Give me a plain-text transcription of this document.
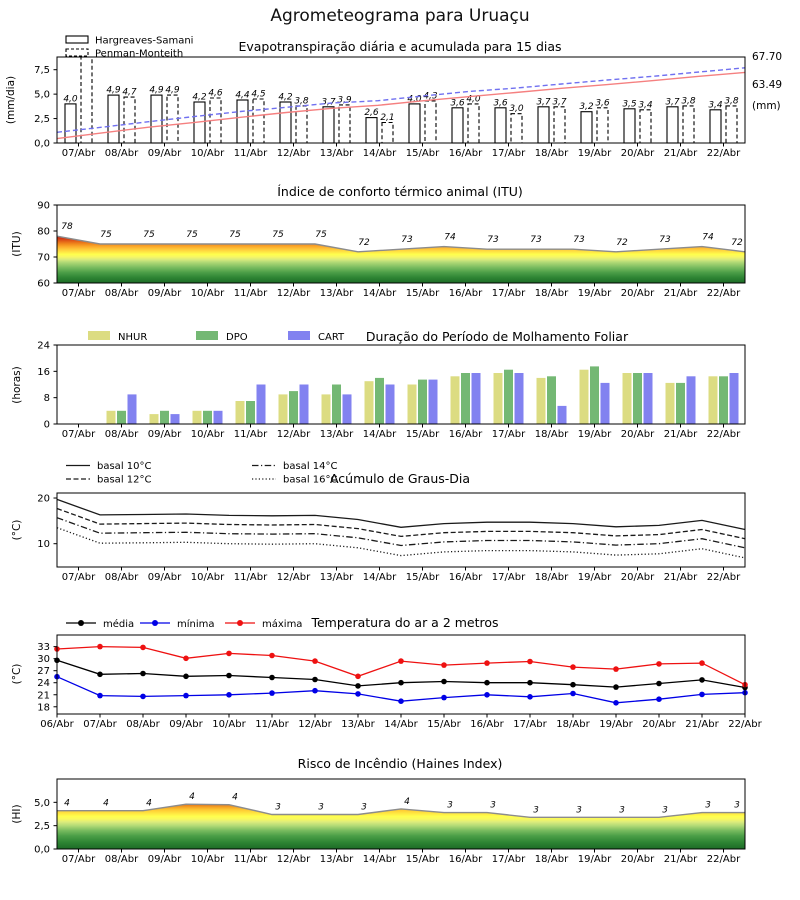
Agrometeograma para Uruaçu
4,0
4,9	4,9
4,2	4,4	4,2	3,7
2,6
4,0	3,6	3,6	3,7	3,2	3,5	3,7	3,4
4,7	4,9	4,6	4,5
3,8	3,9
2,1
4,3	4,0
3,0
3,7	3,6	3,4	3,8	3,8
67.70
63.49
(mm)
0,0
2,5
5,0
7,5
(mm/dia)
07/Abr 08/Abr 09/Abr 10/Abr 11/Abr 12/Abr 13/Abr 14/Abr 15/Abr 16/Abr 17/Abr 18/Abr 19/Abr 20/Abr 21/Abr 22/Abr
Evapotranspiração diária e acumulada para 15 dias
Hargreaves-Samani
Penman-Monteith
78
75	75	75	75	75	75
72	73	74	73	73	73	72	73	74
72
60
70
80
90
(ITU)
07/Abr 08/Abr 09/Abr 10/Abr 11/Abr 12/Abr 13/Abr 14/Abr 15/Abr 16/Abr 17/Abr 18/Abr 19/Abr 20/Abr 21/Abr 22/Abr
Índice de conforto térmico animal (ITU)
0
8
16
24
(horas)
07/Abr 08/Abr 09/Abr 10/Abr 11/Abr 12/Abr 13/Abr 14/Abr 15/Abr 16/Abr 17/Abr 18/Abr 19/Abr 20/Abr 21/Abr 22/Abr
Duração do Período de Molhamento Foliar
NHUR	DPO	CART
10
20
(°C)
07/Abr 08/Abr 09/Abr 10/Abr 11/Abr 12/Abr 13/Abr 14/Abr 15/Abr 16/Abr 17/Abr 18/Abr 19/Abr 20/Abr 21/Abr 22/Abr
Acúmulo de Graus-Dia
basal 10°C
basal 12°C
basal 14°C
basal 16°C
18
21
24
27
30
33
(°C)
06/Abr 07/Abr 08/Abr 09/Abr 10/Abr 11/Abr 12/Abr 13/Abr 14/Abr 15/Abr 16/Abr 17/Abr 18/Abr 19/Abr 20/Abr 21/Abr 22/Abr
Temperatura do ar a 2 metros
média	mínima	máxima
4	4	4
4	4
3	3	3
4	3	3	3	3	3	3	3	3
0,0
2,5
5,0
(HI)
07/Abr 08/Abr 09/Abr 10/Abr 11/Abr 12/Abr 13/Abr 14/Abr 15/Abr 16/Abr 17/Abr 18/Abr 19/Abr 20/Abr 21/Abr 22/Abr
Risco de Incêndio (Haines Index)
